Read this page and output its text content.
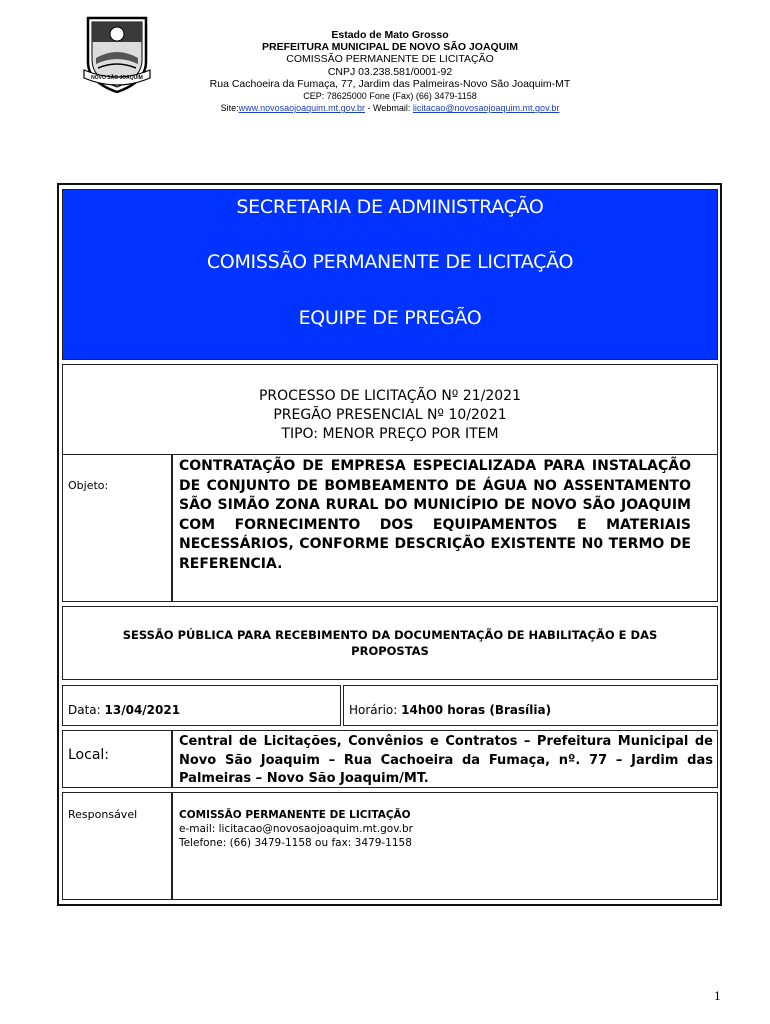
NOVO SÃO JOAQUIM
Estado de Mato Grosso
PREFEITURA MUNICIPAL DE NOVO SÃO JOAQUIM
COMISSÃO PERMANENTE DE LICITAÇÃO
CNPJ 03.238.581/0001-92
Rua Cachoeira da Fumaça, 77, Jardim das Palmeiras-Novo São Joaquim-MT
CEP: 78625000 Fone (Fax) (66) 3479-1158
Site:www.novosaojoaquim.mt.gov.br - Webmail: licitacao@novosaojoaquim.mt.gov.br
SECRETARIA DE ADMINISTRAÇÃO
COMISSÃO PERMANENTE DE LICITAÇÃO
EQUIPE DE PREGÃO
PROCESSO DE LICITAÇÃO Nº 21/2021
PREGÃO PRESENCIAL Nº 10/2021
TIPO: MENOR PREÇO POR ITEM
Objeto:
CONTRATAÇÃO DE EMPRESA ESPECIALIZADA PARA INSTALAÇÃO DE CONJUNTO DE BOMBEAMENTO DE ÁGUA NO ASSENTAMENTO SÃO SIMÃO ZONA RURAL DO MUNICÍPIO DE NOVO SÃO JOAQUIM COM FORNECIMENTO DOS EQUIPAMENTOS E MATERIAIS NECESSÁRIOS, CONFORME DESCRIÇÃO EXISTENTE N0 TERMO DE REFERENCIA.
SESSÃO PÚBLICA PARA RECEBIMENTO DA DOCUMENTAÇÃO DE HABILITAÇÃO E DAS PROPOSTAS
Data: 13/04/2021	Horário: 14h00 horas (Brasília)
Local:
Central de Licitações, Convênios e Contratos – Prefeitura Municipal de Novo São Joaquim – Rua Cachoeira da Fumaça, nº. 77 – Jardim das Palmeiras – Novo São Joaquim/MT.
Responsável	COMISSÃO PERMANENTE DE LICITAÇÃO
e-mail: licitacao@novosaojoaquim.mt.gov.br
Telefone: (66) 3479-1158 ou fax: 3479-1158
1
